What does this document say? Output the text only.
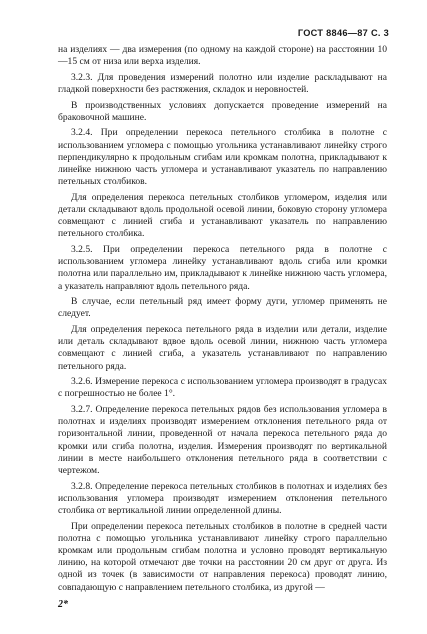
ГОСТ 8846—87 С. 3

на изделиях — два измерения (по одному на каждой стороне) на расстоянии 10—15 см от низа или верха изделия.

3.2.3. Для проведения измерений полотно или изделие раскладывают на гладкой поверхности без растяжения, складок и неровностей.

В производственных условиях допускается проведение измерений на браковочной машине.

3.2.4. При определении перекоса петельного столбика в полотне с использованием угломера с помощью угольника устанавливают линейку строго перпендикулярно к продольным сгибам или кромкам полотна, прикладывают к линейке нижнюю часть угломера и устанавливают указатель по направлению петельных столбиков.

Для определения перекоса петельных столбиков угломером, изделия или детали складывают вдоль продольной осевой линии, боковую сторону угломера совмещают с линией сгиба и устанавливают указатель по направлению петельного столбика.

3.2.5. При определении перекоса петельного ряда в полотне с использованием угломера линейку устанавливают вдоль сгиба или кромки полотна или параллельно им, прикладывают к линейке нижнюю часть угломера, а указатель направляют вдоль петельного ряда.

В случае, если петельный ряд имеет форму дуги, угломер применять не следует.

Для определения перекоса петельного ряда в изделии или детали, изделие или деталь складывают вдвое вдоль осевой линии, нижнюю часть угломера совмещают с линией сгиба, а указатель устанавливают по направлению петельного ряда.

3.2.6. Измерение перекоса с использованием угломера производят в градусах с погрешностью не более 1°.

3.2.7. Определение перекоса петельных рядов без использования угломера в полотнах и изделиях производят измерением отклонения петельного ряда от горизонтальной линии, проведенной от начала перекоса петельного ряда до кромки или сгиба полотна, изделия. Измерения производят по вертикальной линии в месте наибольшего отклонения петельного ряда в соответствии с чертежом.

3.2.8. Определение перекоса петельных столбиков в полотнах и изделиях без использования угломера производят измерением отклонения петельного столбика от вертикальной линии определенной длины.

При определении перекоса петельных столбиков в полотне в средней части полотна с помощью угольника устанавливают линейку строго параллельно кромкам или продольным сгибам полотна и условно проводят вертикальную линию, на которой отмечают две точки на расстоянии 20 см друг от друга. Из одной из точек (в зависимости от направления перекоса) проводят линию, совпадающую с направлением петельного столбика, из другой —

2*
